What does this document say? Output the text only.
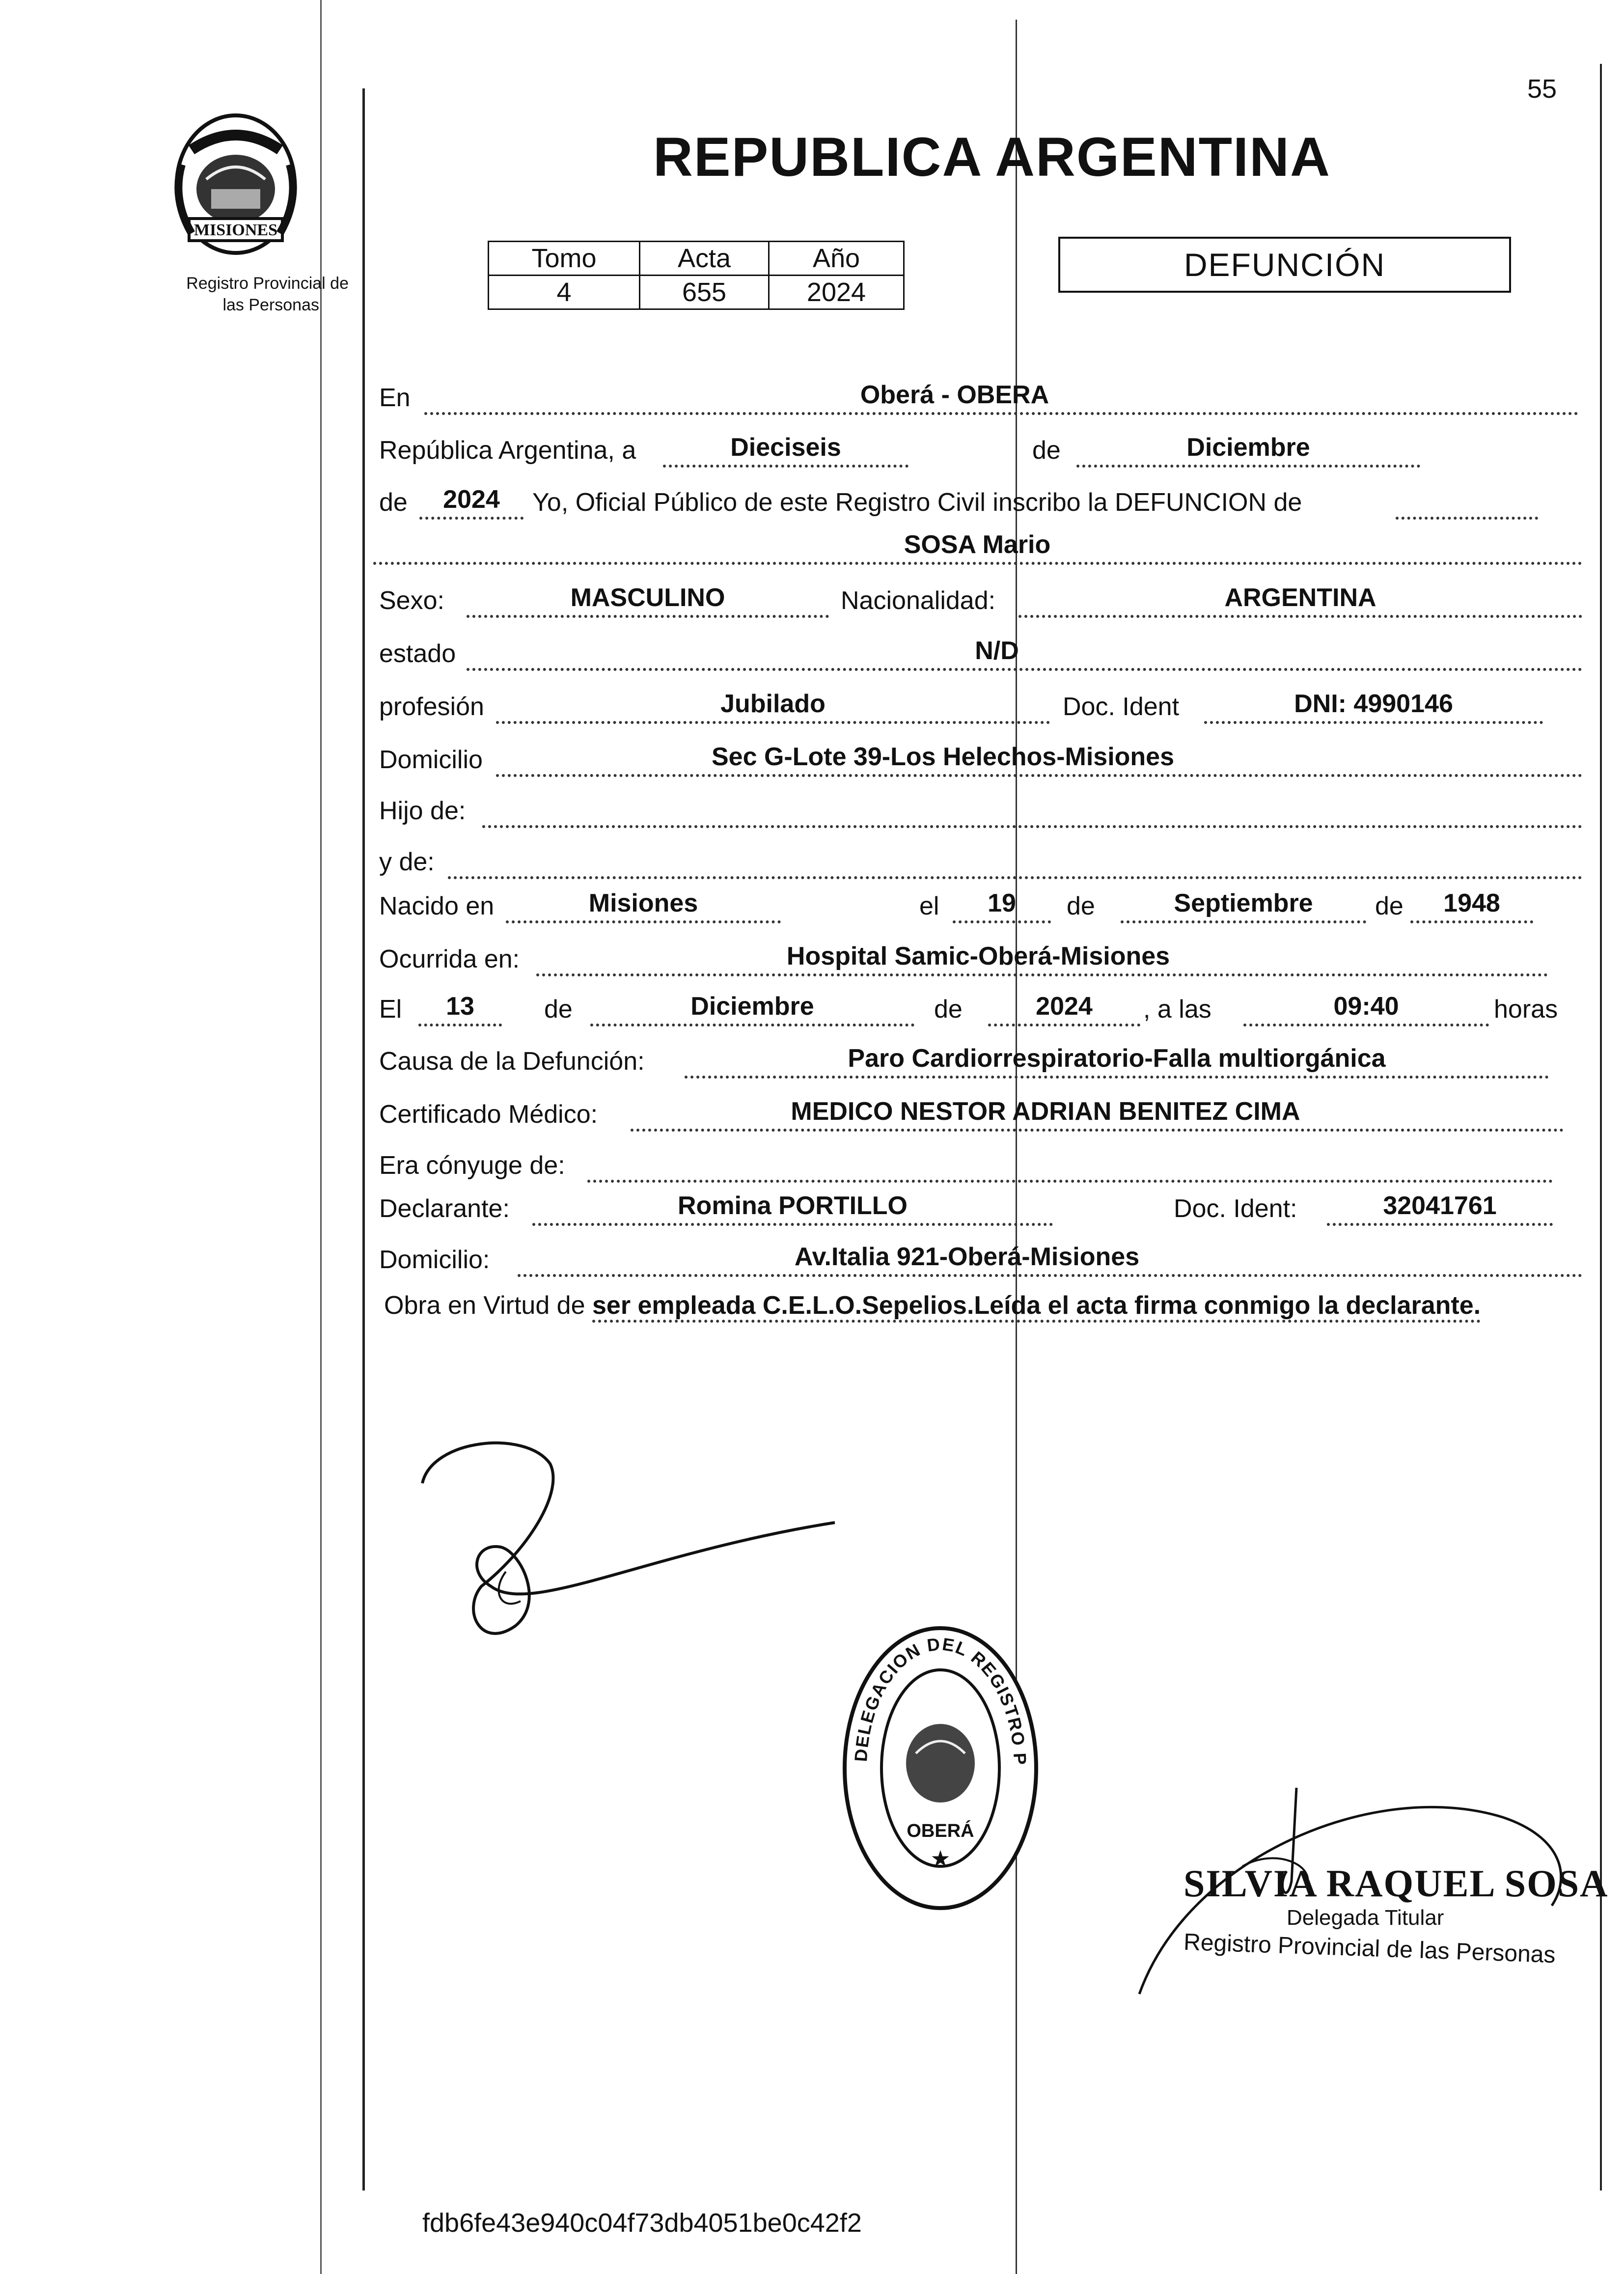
55
MISIONES
Registro Provincial de
las Personas
REPUBLICA ARGENTINA
Tomo	Acta	Año
4	655	2024
DEFUNCIÓN
En	Oberá - OBERA
República Argentina, a	Dieciseis	de	Diciembre
de	2024	Yo, Oficial Público de este Registro Civil inscribo la DEFUNCION de
SOSA Mario
Sexo:	MASCULINO	Nacionalidad:	ARGENTINA
estado	N/D
profesión	Jubilado	Doc. Ident	DNI: 4990146
Domicilio	Sec G-Lote 39-Los Helechos-Misiones
Hijo de:
y de:
Nacido en	Misiones	el	19	de	Septiembre	de	1948
Ocurrida en:	Hospital Samic-Oberá-Misiones
El	13	de	Diciembre	de	2024	, a las	09:40	horas
Causa de la Defunción:	Paro Cardiorrespiratorio-Falla multiorgánica
Certificado Médico:	MEDICO NESTOR ADRIAN BENITEZ CIMA
Era cónyuge de:
Declarante:	Romina PORTILLO	Doc. Ident:	32041761
Domicilio:	Av.Italia 921-Oberá-Misiones
Obra en Virtud de ser empleada C.E.L.O.Sepelios.Leída el acta firma conmigo la declarante.
DELEGACION DEL REGISTRO P
OBERÁ
★
SILVIA RAQUEL SOSA
Delegada Titular
Registro Provincial de las Personas
fdb6fe43e940c04f73db4051be0c42f2
